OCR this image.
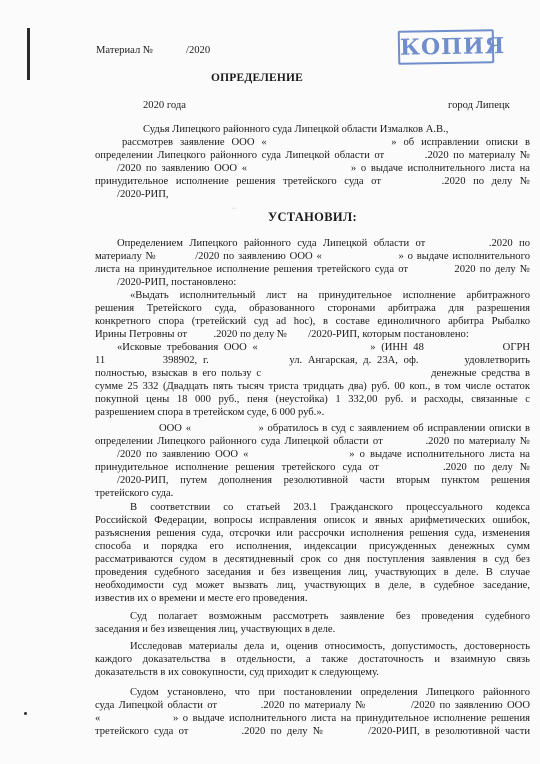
Материал №	/2020	КОПИЯ
ОПРЕДЕЛЕНИЕ
2020 года	город Липецк
Судья Липецкого районного суда Липецкой области Измалков А.В.,
рассмотрев заявление ООО «                  » об исправлении описки в
определении Липецкого районного суда Липецкой области от         .2020 по материалу №
/2020 по заявлению ООО «                      » о выдаче исполнительного листа на
принудительное исполнение решения третейского суда от        .2020 по делу №
/2020-РИП,
~
УСТАНОВИЛ:
Определением Липецкого районного суда Липецкой области от          .2020 по
материалу №          /2020 по заявлению ООО «                    » о выдаче исполнительного
листа на принудительное исполнение решения третейского суда от           2020 по делу №
/2020-РИП, постановлено:
«Выдать исполнительный лист на принудительное исполнение арбитражного
решения Третейского суда, образованного сторонами арбитража для разрешения
конкретного спора (третейский суд ad hoc), в составе единоличного арбитра Рыбалко
Ирины Петровны от          .2020 по делу №        /2020-РИП, которым постановлено:
«Исковые требования ООО «                    » (ИНН 48              ОГРН
11          398902, г.              ул. Ангарская, д. 23А, оф.        удовлетворить
полностью, взыскав в его пользу с                                   денежные средства в
сумме 25 332 (Двадцать пять тысяч триста тридцать два) руб. 00 коп., в том числе остаток
покупной цены 18 000 руб., пеня (неустойка) 1 332,00 руб. и расходы, связанные с
разрешением спора в третейском суде, 6 000 руб.».
ООО «                  » обратилось в суд с заявлением об исправлении описки в
определении Липецкого районного суда Липецкой области от          .2020 по материалу №
/2020 по заявлению ООО «                    » о выдаче исполнительного листа на
принудительное исполнение решения третейского суда от         .2020 по делу №
/2020-РИП, путем дополнения резолютивной части вторым пунктом решения
третейского суда.
В соответствии со статьей 203.1 Гражданского процессуального кодекса
Российской Федерации, вопросы исправления описок и явных арифметических ошибок,
разъяснения решения суда, отсрочки или рассрочки исполнения решения суда, изменения
способа и порядка его исполнения, индексации присужденных денежных сумм
рассматриваются судом в десятидневный срок со дня поступления заявления в суд без
проведения судебного заседания и без извещения лиц, участвующих в деле. В случае
необходимости суд может вызвать лиц, участвующих в деле, в судебное заседание,
известив их о времени и месте его проведения.
Суд полагает возможным рассмотреть заявление без проведения судебного
заседания и без извещения лиц, участвующих в деле.
Исследовав материалы дела и, оценив относимость, допустимость, достоверность
каждого доказательства в отдельности, а также достаточность и взаимную связь
доказательств в их совокупности, суд приходит к следующему.
Судом установлено, что при постановлении определения Липецкого районного
суда Липецкой области от          .2020 по материалу №          /2020 по заявлению ООО
«                » о выдаче исполнительного листа на принудительное исполнение решения
третейского суда от          .2020 по делу №        /2020-РИП, в резолютивной части
